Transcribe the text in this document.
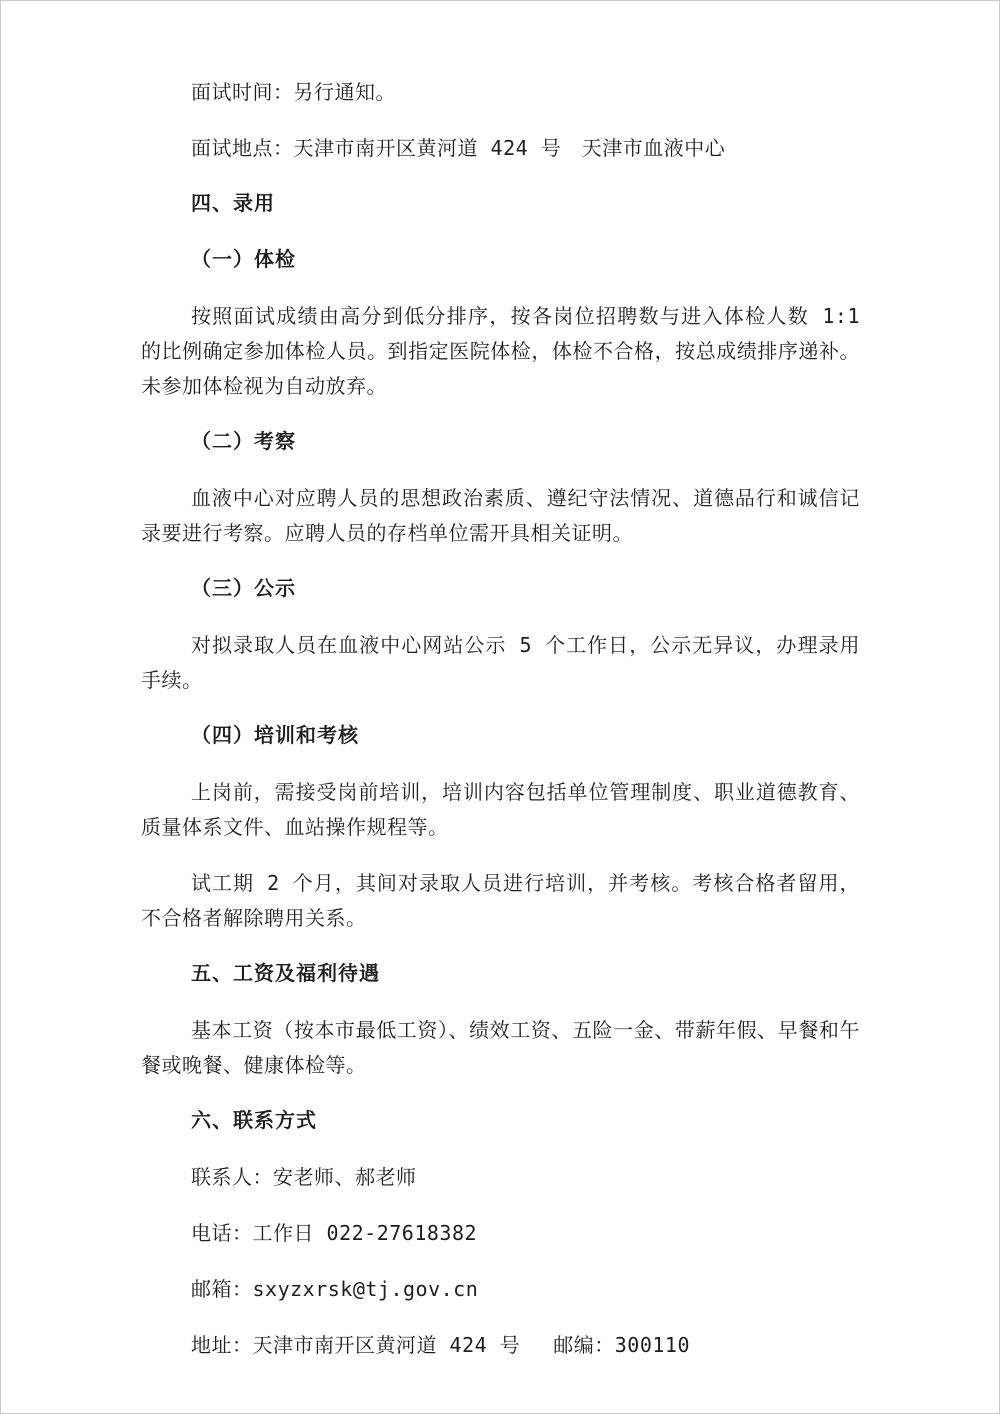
面试时间：另行通知。

面试地点：天津市南开区黄河道 424 号　天津市血液中心

四、录用
（一）体检

按照面试成绩由高分到低分排序，按各岗位招聘数与进入体检人数 1:1 的比例确定参加体检人员。到指定医院体检，体检不合格，按总成绩排序递补。未参加体检视为自动放弃。

（二）考察

血液中心对应聘人员的思想政治素质、遵纪守法情况、道德品行和诚信记录要进行考察。应聘人员的存档单位需开具相关证明。

（三）公示

对拟录取人员在血液中心网站公示 5 个工作日，公示无异议，办理录用手续。

（四）培训和考核

上岗前，需接受岗前培训，培训内容包括单位管理制度、职业道德教育、质量体系文件、血站操作规程等。

试工期 2 个月，其间对录取人员进行培训，并考核。考核合格者留用，不合格者解除聘用关系。

五、工资及福利待遇

基本工资（按本市最低工资）、绩效工资、五险一金、带薪年假、早餐和午餐或晚餐、健康体检等。

六、联系方式

联系人：安老师、郝老师

电话：工作日 022-27618382

邮箱：sxyzxrsk@tj.gov.cn

地址：天津市南开区黄河道 424 号　 邮编：300110
